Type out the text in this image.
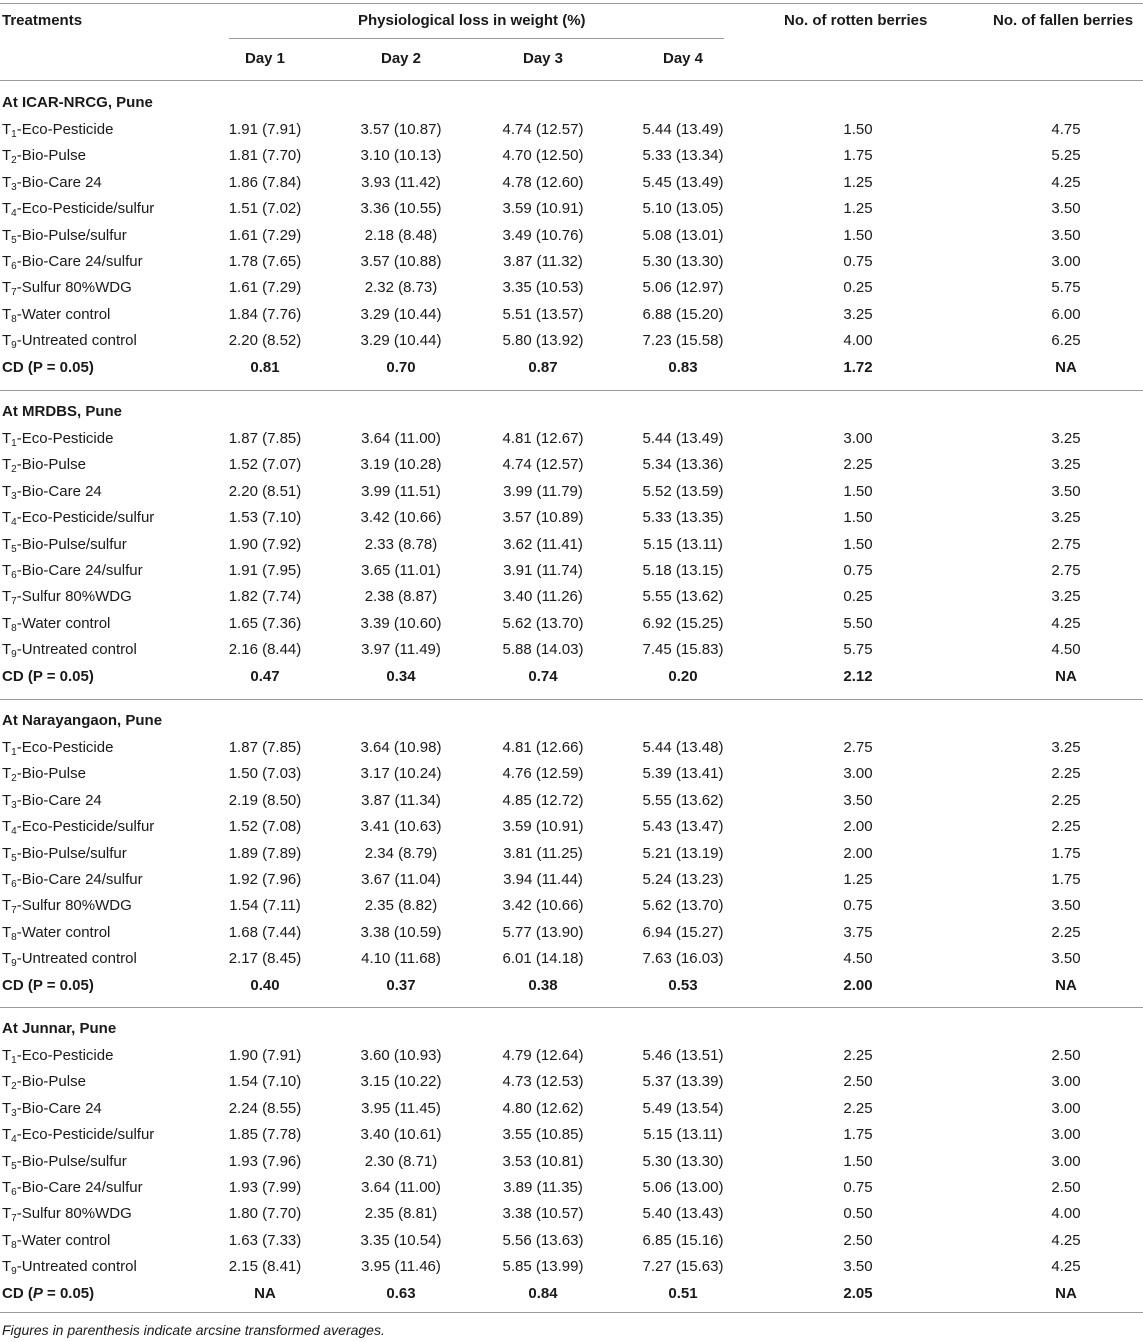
Treatments	Physiological loss in weight (%)	No. of rotten berries	No. of fallen berries
Day 1	Day 2	Day 3	Day 4
At ICAR-NRCG, Pune
$T_1-Eco$-Pesticide	1.91 (7.91)	3.57 (10.87)	4.74 (12.57)	5.44 (13.49)	1.50	4.75
$T_2-Bio$-Pulse	1.81 (7.70)	3.10 (10.13)	4.70 (12.50)	5.33 (13.34)	1.75	5.25
$T_3-Bio$-Care 24	1.86 (7.84)	3.93 (11.42)	4.78 (12.60)	5.45 (13.49)	1.25	4.25
$T_4-Eco-Pesticide$/sulfur	1.51 (7.02)	3.36 (10.55)	3.59 (10.91)	5.10 (13.05)	1.25	3.50
$T_5-Bio-Pulse$/sulfur	1.61 (7.29)	2.18 (8.48)	3.49 (10.76)	5.08 (13.01)	1.50	3.50
$T_6-Bio$-Care 24/sulfur	1.78 (7.65)	3.57 (10.88)	3.87 (11.32)	5.30 (13.30)	0.75	3.00
$T_7$-Sulfur 80%WDG	1.61 (7.29)	2.32 (8.73)	3.35 (10.53)	5.06 (12.97)	0.25	5.75
$T_8$-Water control	1.84 (7.76)	3.29 (10.44)	5.51 (13.57)	6.88 (15.20)	3.25	6.00
$T_9$-Untreated control	2.20 (8.52)	3.29 (10.44)	5.80 (13.92)	7.23 (15.58)	4.00	6.25
CD (P = 0.05)	0.81	0.70	0.87	0.83	1.72	NA
At MRDBS, Pune
$T_1-Eco$-Pesticide	1.87 (7.85)	3.64 (11.00)	4.81 (12.67)	5.44 (13.49)	3.00	3.25
$T_2-Bio$-Pulse	1.52 (7.07)	3.19 (10.28)	4.74 (12.57)	5.34 (13.36)	2.25	3.25
$T_3-Bio$-Care 24	2.20 (8.51)	3.99 (11.51)	3.99 (11.79)	5.52 (13.59)	1.50	3.50
$T_4-Eco-Pesticide$/sulfur	1.53 (7.10)	3.42 (10.66)	3.57 (10.89)	5.33 (13.35)	1.50	3.25
$T_5-Bio-Pulse$/sulfur	1.90 (7.92)	2.33 (8.78)	3.62 (11.41)	5.15 (13.11)	1.50	2.75
$T_6-Bio$-Care 24/sulfur	1.91 (7.95)	3.65 (11.01)	3.91 (11.74)	5.18 (13.15)	0.75	2.75
$T_7$-Sulfur 80%WDG	1.82 (7.74)	2.38 (8.87)	3.40 (11.26)	5.55 (13.62)	0.25	3.25
$T_8$-Water control	1.65 (7.36)	3.39 (10.60)	5.62 (13.70)	6.92 (15.25)	5.50	4.25
$T_9$-Untreated control	2.16 (8.44)	3.97 (11.49)	5.88 (14.03)	7.45 (15.83)	5.75	4.50
CD (P = 0.05)	0.47	0.34	0.74	0.20	2.12	NA
At Narayangaon, Pune
$T_1-Eco$-Pesticide	1.87 (7.85)	3.64 (10.98)	4.81 (12.66)	5.44 (13.48)	2.75	3.25
$T_2-Bio$-Pulse	1.50 (7.03)	3.17 (10.24)	4.76 (12.59)	5.39 (13.41)	3.00	2.25
$T_3-Bio$-Care 24	2.19 (8.50)	3.87 (11.34)	4.85 (12.72)	5.55 (13.62)	3.50	2.25
$T_4-Eco-Pesticide$/sulfur	1.52 (7.08)	3.41 (10.63)	3.59 (10.91)	5.43 (13.47)	2.00	2.25
$T_5-Bio-Pulse$/sulfur	1.89 (7.89)	2.34 (8.79)	3.81 (11.25)	5.21 (13.19)	2.00	1.75
$T_6-Bio$-Care 24/sulfur	1.92 (7.96)	3.67 (11.04)	3.94 (11.44)	5.24 (13.23)	1.25	1.75
$T_7$-Sulfur 80%WDG	1.54 (7.11)	2.35 (8.82)	3.42 (10.66)	5.62 (13.70)	0.75	3.50
$T_8$-Water control	1.68 (7.44)	3.38 (10.59)	5.77 (13.90)	6.94 (15.27)	3.75	2.25
$T_9$-Untreated control	2.17 (8.45)	4.10 (11.68)	6.01 (14.18)	7.63 (16.03)	4.50	3.50
CD (P = 0.05)	0.40	0.37	0.38	0.53	2.00	NA
At Junnar, Pune
$T_1-Eco$-Pesticide	1.90 (7.91)	3.60 (10.93)	4.79 (12.64)	5.46 (13.51)	2.25	2.50
$T_2-Bio$-Pulse	1.54 (7.10)	3.15 (10.22)	4.73 (12.53)	5.37 (13.39)	2.50	3.00
$T_3-Bio$-Care 24	2.24 (8.55)	3.95 (11.45)	4.80 (12.62)	5.49 (13.54)	2.25	3.00
$T_4-Eco-Pesticide$/sulfur	1.85 (7.78)	3.40 (10.61)	3.55 (10.85)	5.15 (13.11)	1.75	3.00
$T_5-Bio-Pulse$/sulfur	1.93 (7.96)	2.30 (8.71)	3.53 (10.81)	5.30 (13.30)	1.50	3.00
$T_6-Bio$-Care 24/sulfur	1.93 (7.99)	3.64 (11.00)	3.89 (11.35)	5.06 (13.00)	0.75	2.50
$T_7$-Sulfur 80%WDG	1.80 (7.70)	2.35 (8.81)	3.38 (10.57)	5.40 (13.43)	0.50	4.00
$T_8$-Water control	1.63 (7.33)	3.35 (10.54)	5.56 (13.63)	6.85 (15.16)	2.50	4.25
$T_9$-Untreated control	2.15 (8.41)	3.95 (11.46)	5.85 (13.99)	7.27 (15.63)	3.50	4.25
CD (P = 0.05)	NA	0.63	0.84	0.51	2.05	NA
Figures in parenthesis indicate arcsine transformed averages.
